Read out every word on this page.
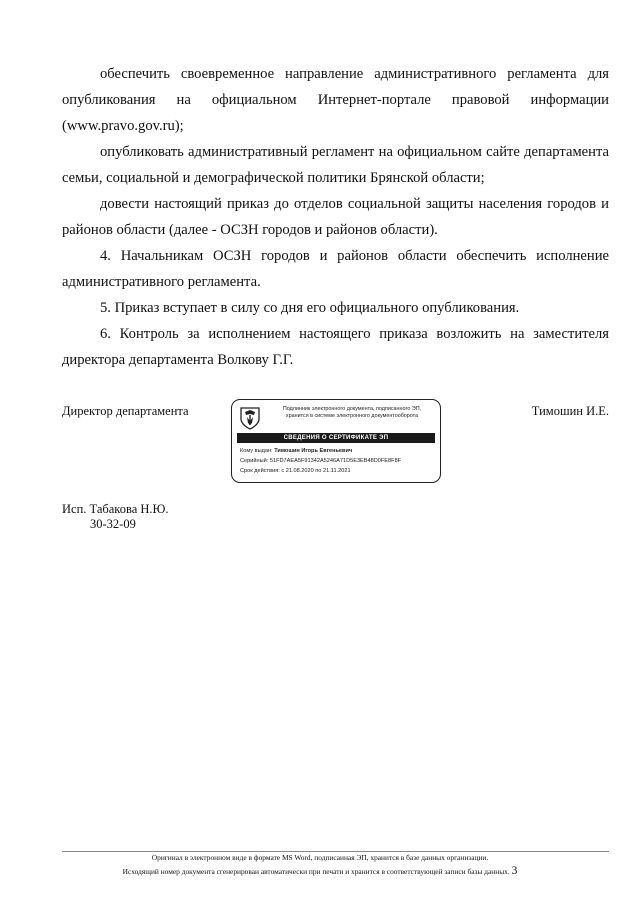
обеспечить своевременное направление административного регламента для опубликования на официальном Интернет-портале правовой информации (www.pravo.gov.ru);

опубликовать административный регламент на официальном сайте департамента семьи, социальной и демографической политики Брянской области;

довести настоящий приказ до отделов социальной защиты населения городов и районов области (далее - ОСЗН городов и районов области).

4. Начальникам ОСЗН городов и районов области обеспечить исполнение административного регламента.

5. Приказ вступает в силу со дня его официального опубликования.

6. Контроль за исполнением настоящего приказа возложить на заместителя директора департамента Волкову Г.Г.

Директор департамента	Тимошин И.Е.
Подлинник электронного документа, подписанного ЭП,
хранится в системе электронного документооборота
СВЕДЕНИЯ О СЕРТИФИКАТЕ ЭП
Кому выдан: Тимошин Игорь Евгеньевич
Серийный: 51FD7AEA5F91342A5246A71D5E3EB48D0FE8F8F
Срок действия: с 21.08.2020 по 21.11.2021
Исп. Табакова Н.Ю.
30-32-09
Оригинал в электронном виде в формате MS Word, подписанная ЭП, хранится в базе данных организации.
Исходящий номер документа сгенерирован автоматически при печати и хранится в соответствующей записи базы данных. 3
